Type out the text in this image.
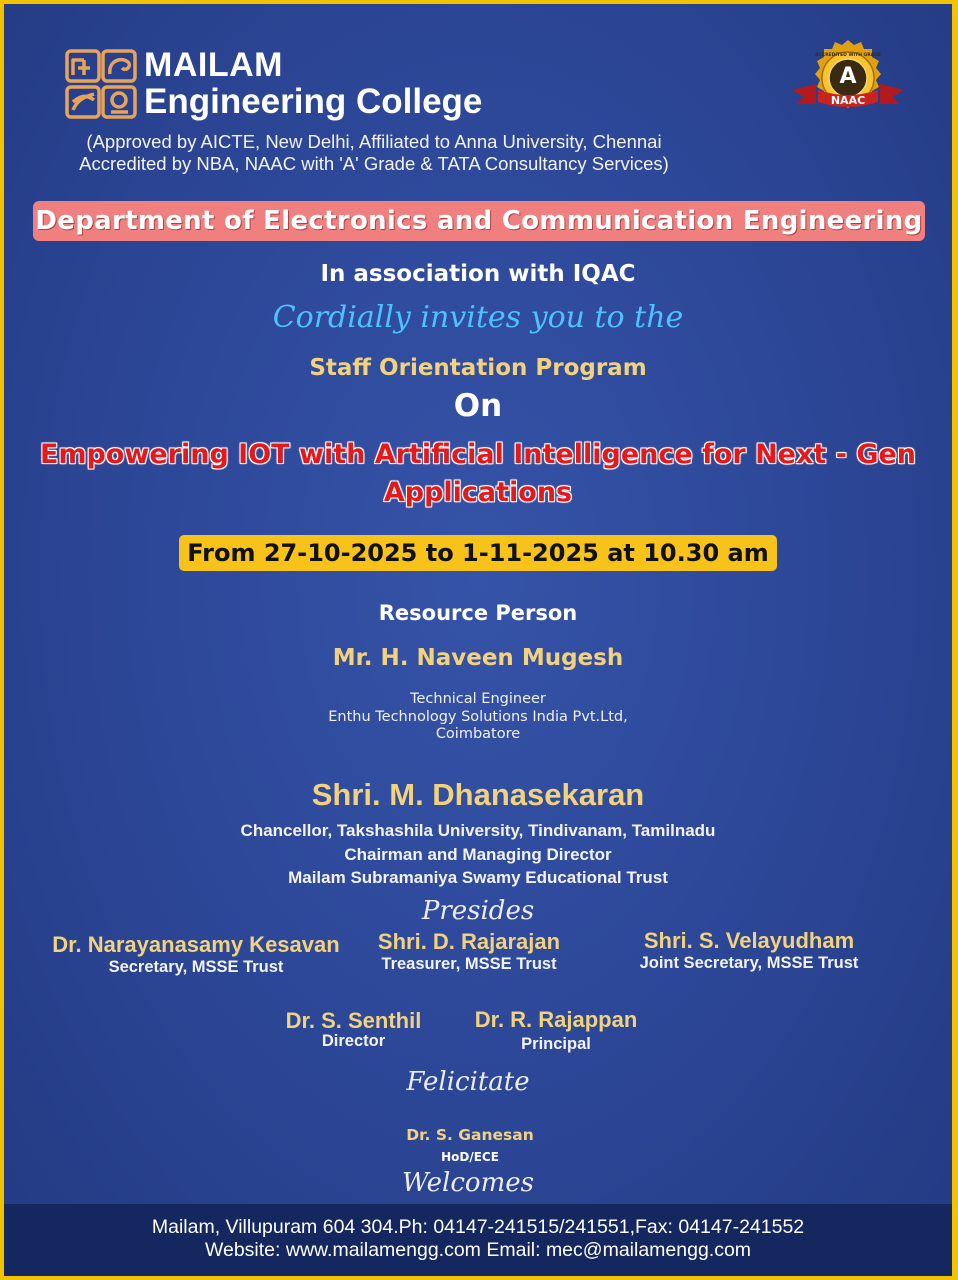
MAILAM
Engineering College
(Approved by AICTE, New Delhi, Affiliated to Anna University, Chennai
Accredited by NBA, NAAC with 'A' Grade & TATA Consultancy Services)
ACCREDITED WITH GRADE
A
NAAC
Department of Electronics and Communication Engineering
In association with IQAC
Cordially invites you to the
Staff Orientation Program
On
Empowering IOT with Artificial Intelligence for Next - Gen
Applications
From 27-10-2025 to 1-11-2025 at 10.30 am
Resource Person
Mr. H. Naveen Mugesh
Technical Engineer
Enthu Technology Solutions India Pvt.Ltd,
Coimbatore
Shri. M. Dhanasekaran
Chancellor, Takshashila University, Tindivanam, Tamilnadu
Chairman and Managing Director
Mailam Subramaniya Swamy Educational Trust
Presides
Dr. Narayanasamy Kesavan
Secretary, MSSE Trust
Shri. D. Rajarajan
Treasurer, MSSE Trust
Shri. S. Velayudham
Joint Secretary, MSSE Trust
Dr. S. Senthil
Director
Dr. R. Rajappan
Principal
Felicitate
Dr. S. Ganesan
HoD/ECE
Welcomes
Mailam, Villupuram 604 304.Ph: 04147-241515/241551,Fax: 04147-241552
Website: www.mailamengg.com Email: mec@mailamengg.com
